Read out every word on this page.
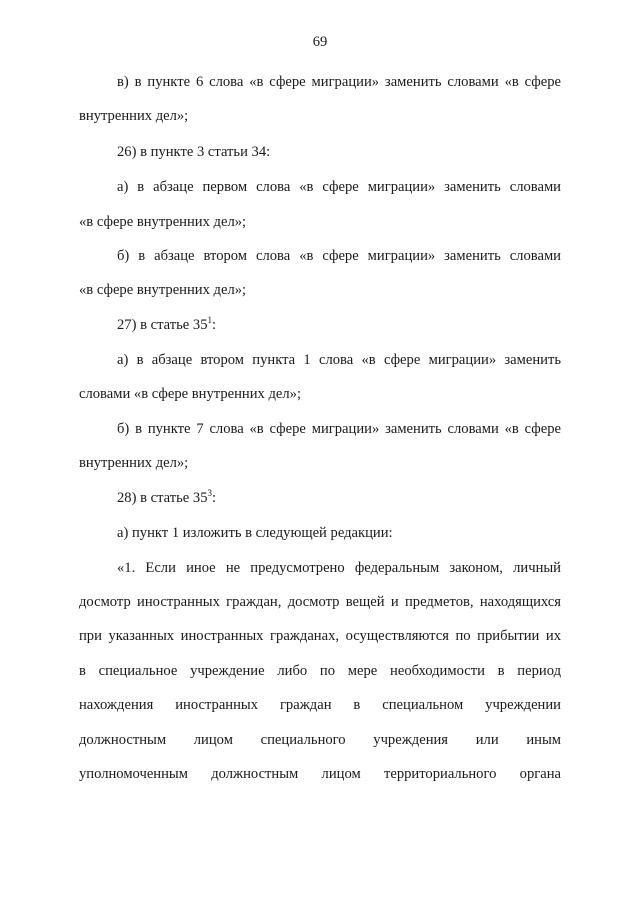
69
в) в пункте 6 слова «в сфере миграции» заменить словами «в сфере
внутренних дел»;
26) в пункте 3 статьи 34:
а) в абзаце первом слова «в сфере миграции» заменить словами
«в сфере внутренних дел»;
б) в абзаце втором слова «в сфере миграции» заменить словами
«в сфере внутренних дел»;
27) в статье $35^1$:
а) в абзаце втором пункта 1 слова «в сфере миграции» заменить
словами «в сфере внутренних дел»;
б) в пункте 7 слова «в сфере миграции» заменить словами «в сфере
внутренних дел»;
28) в статье $35^3$:
а) пункт 1 изложить в следующей редакции:
«1. Если иное не предусмотрено федеральным законом, личный
досмотр иностранных граждан, досмотр вещей и предметов, находящихся
при указанных иностранных гражданах, осуществляются по прибытии их
в специальное учреждение либо по мере необходимости в период
нахождения иностранных граждан в специальном учреждении
должностным лицом специального учреждения или иным
уполномоченным должностным лицом территориального органа
